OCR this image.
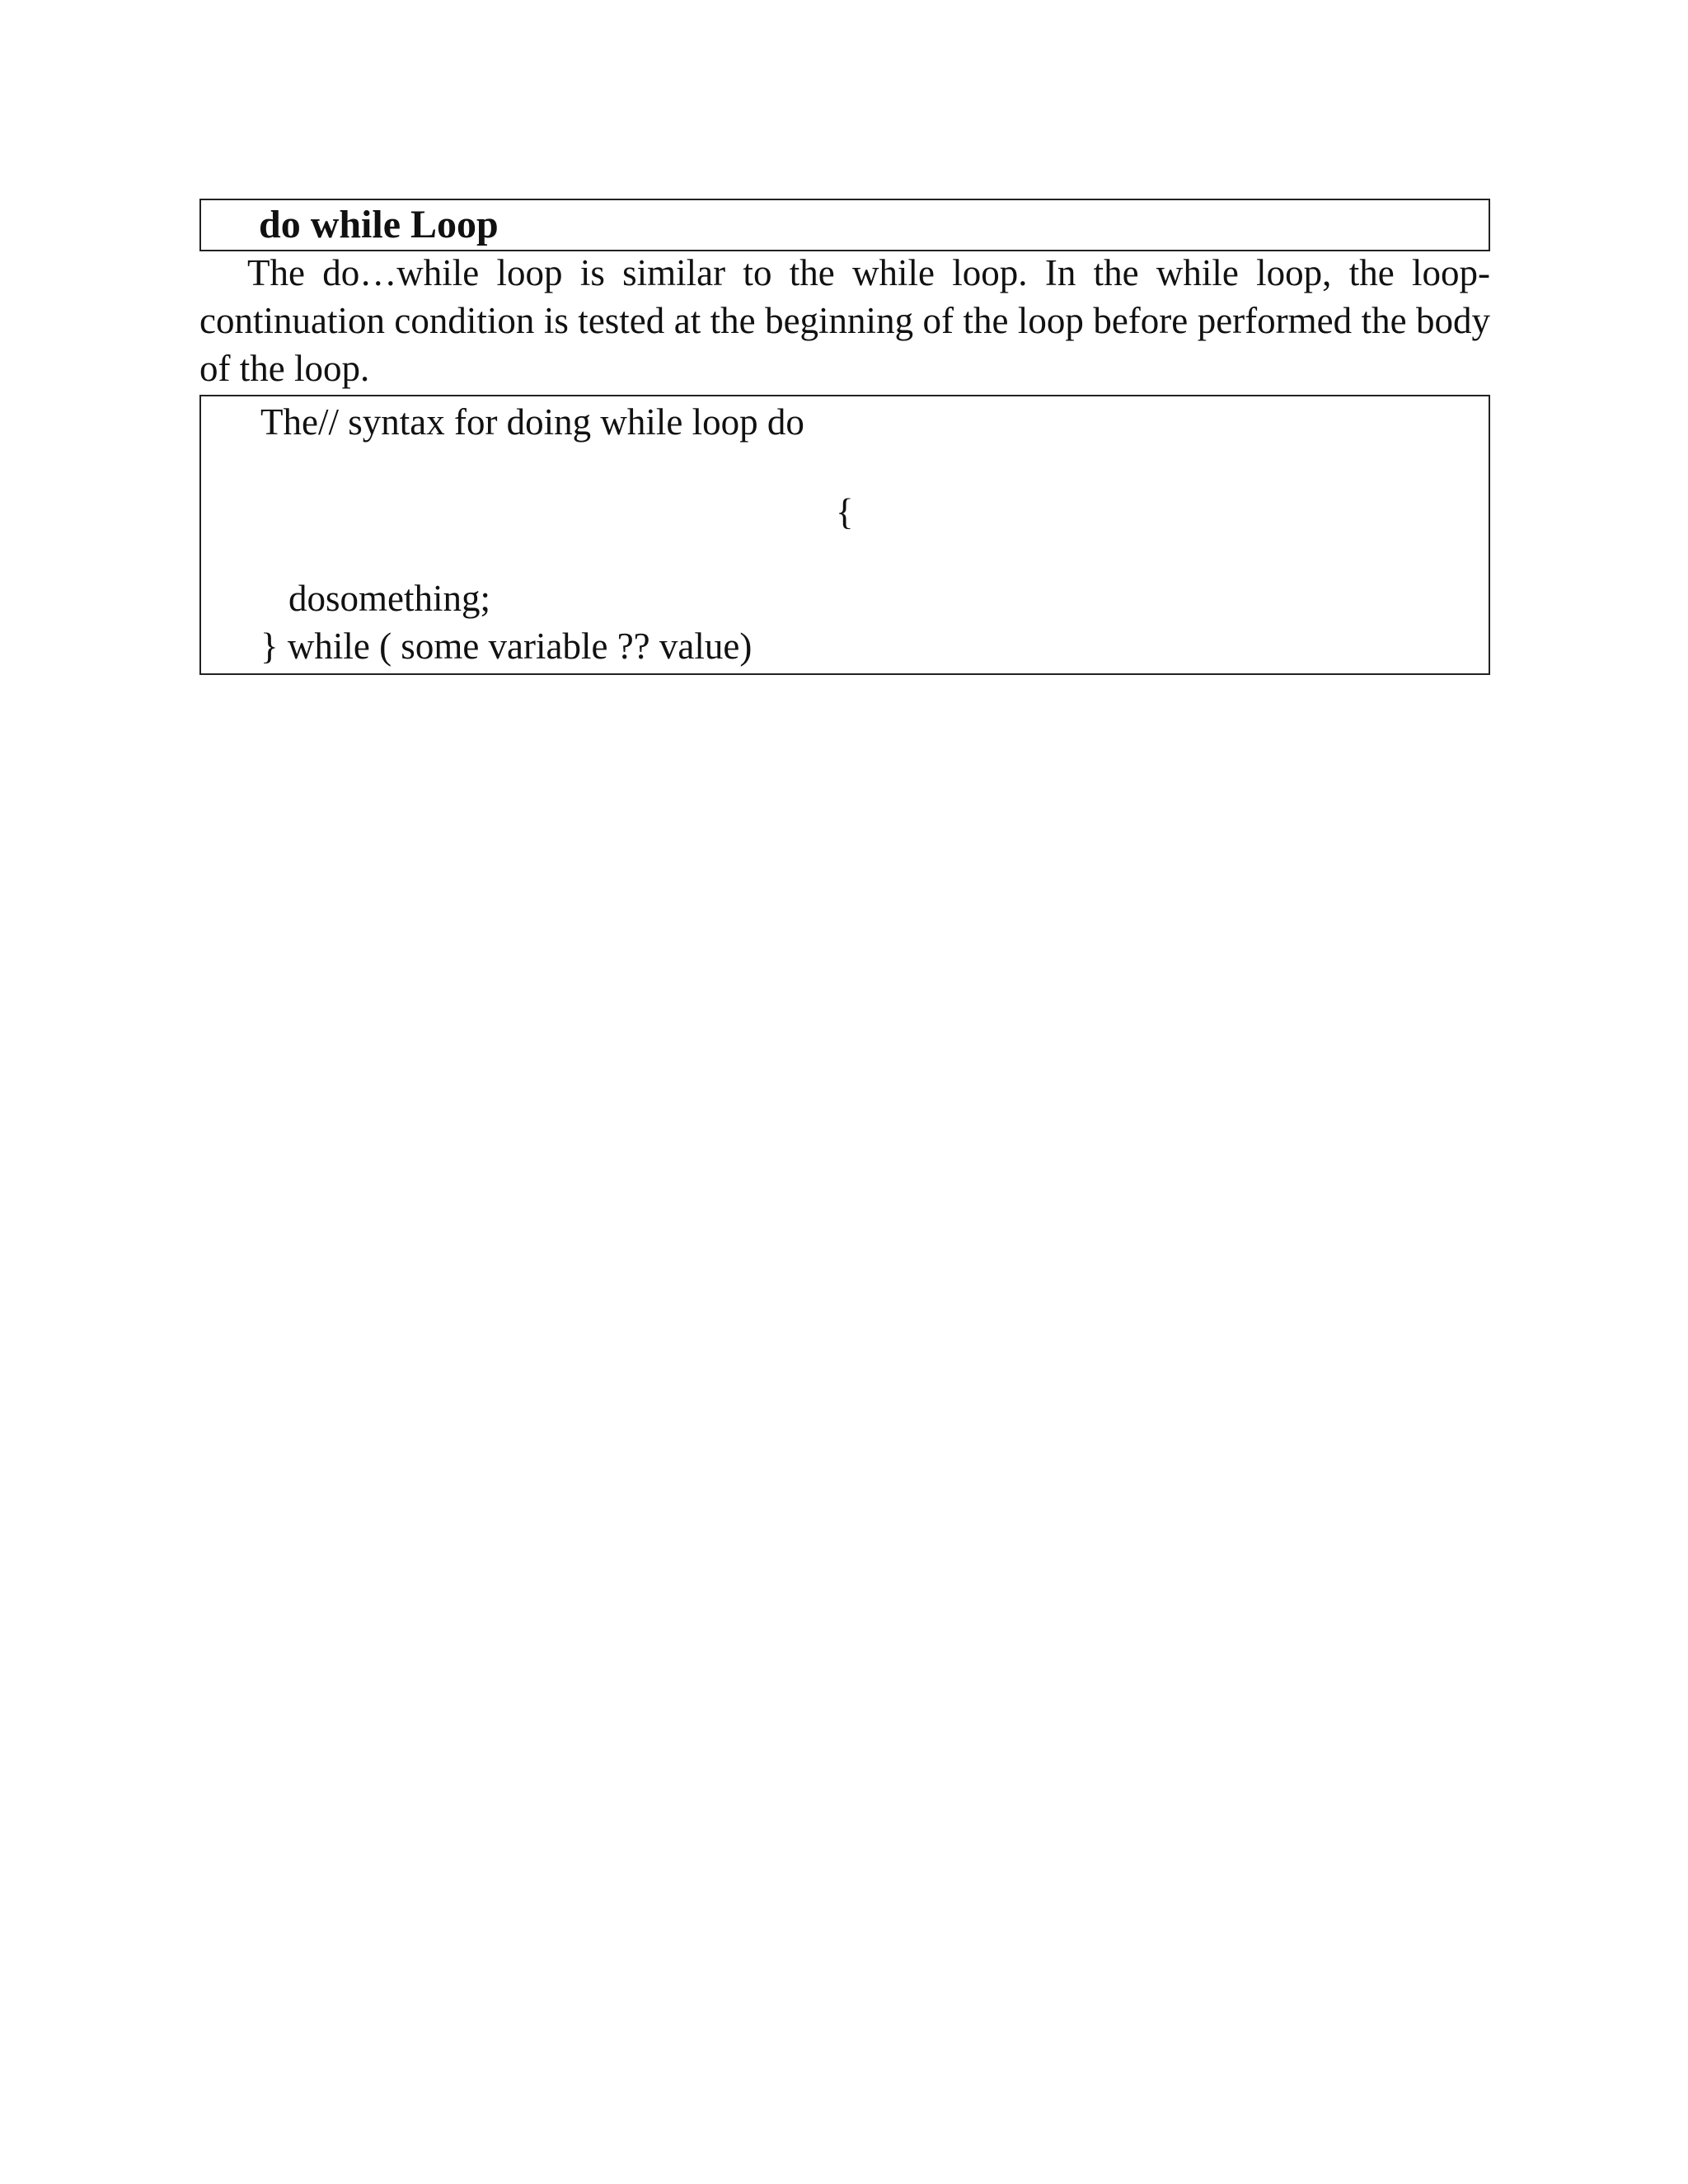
do while Loop
The do…while loop is similar to the while loop. In the while loop, the loop-continuation condition is tested at the beginning of the loop before performed the body of the loop.
The// syntax for doing while loop do
{
dosomething;
} while ( some variable ?? value)
